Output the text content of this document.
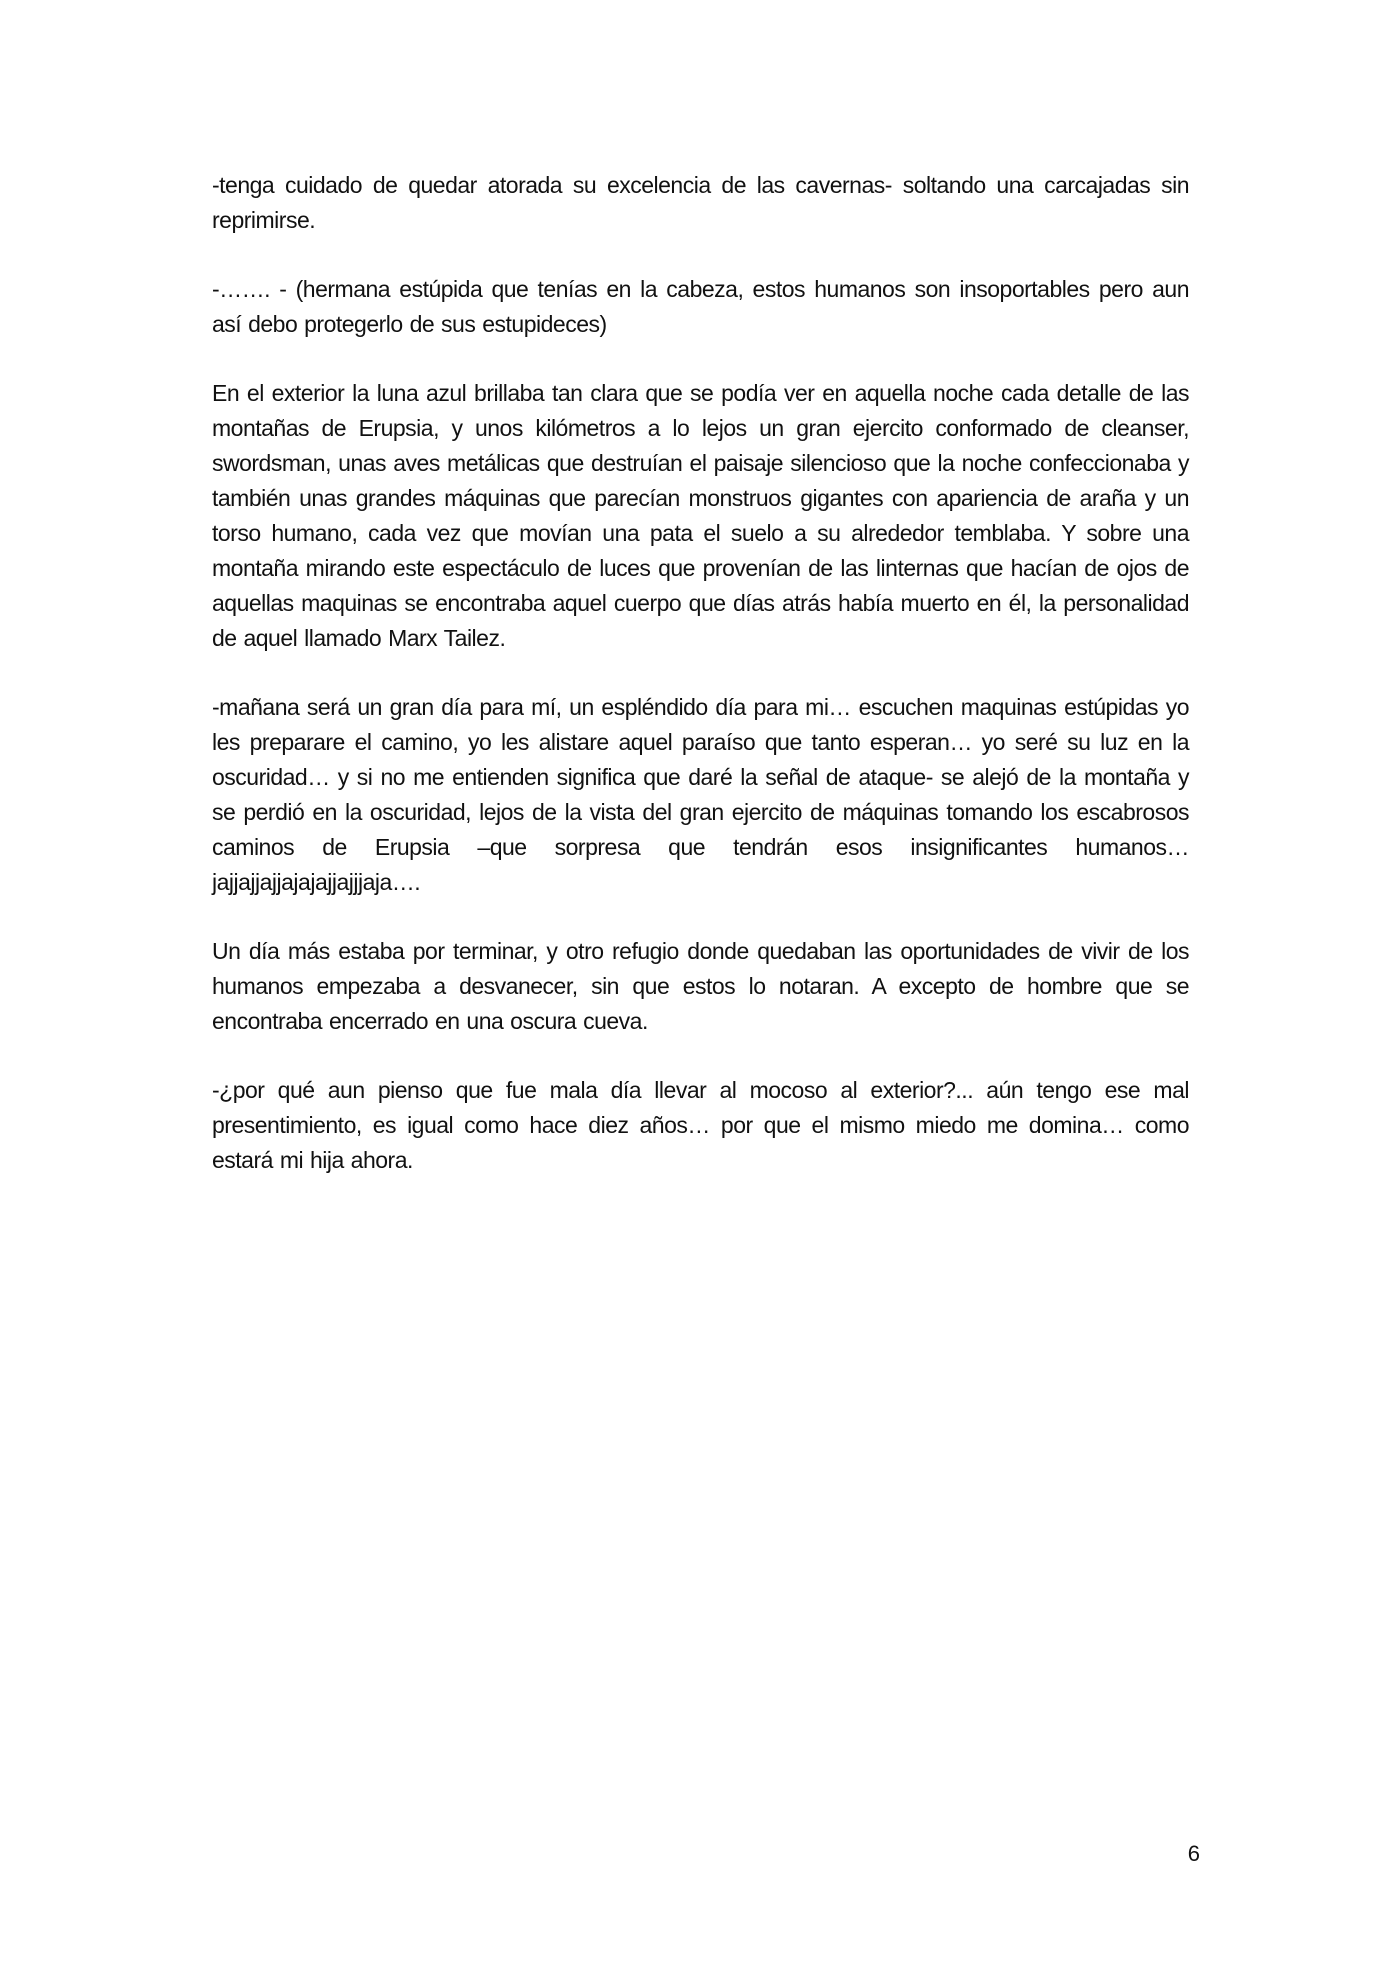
-tenga cuidado de quedar atorada su excelencia de las cavernas- soltando una carcajadas sin reprimirse.

-……. - (hermana estúpida que tenías en la cabeza, estos humanos son insoportables pero aun así debo protegerlo de sus estupideces)

En el exterior la luna azul brillaba tan clara que se podía ver en aquella noche cada detalle de las montañas de Erupsia, y unos kilómetros a lo lejos un gran ejercito conformado de cleanser, swordsman, unas aves metálicas que destruían el paisaje silencioso que la noche confeccionaba y también unas grandes máquinas que parecían monstruos gigantes con apariencia de araña y un torso humano, cada vez que movían una pata el suelo a su alrededor temblaba. Y sobre una montaña mirando este espectáculo de luces que provenían de las linternas que hacían de ojos de aquellas maquinas se encontraba aquel cuerpo que días atrás había muerto en él, la personalidad de aquel llamado Marx Tailez.

-mañana será un gran día para mí, un espléndido día para mi… escuchen maquinas estúpidas yo les preparare el camino, yo les alistare aquel paraíso que tanto esperan… yo seré su luz en la oscuridad… y si no me entienden significa que daré la señal de ataque- se alejó de la montaña y se perdió en la oscuridad, lejos de la vista del gran ejercito de máquinas tomando los escabrosos caminos de Erupsia –que sorpresa que tendrán esos insignificantes humanos… jajjajjajjajajajjajjjaja….

Un día más estaba por terminar, y otro refugio donde quedaban las oportunidades de vivir de los humanos empezaba a desvanecer, sin que estos lo notaran. A excepto de hombre que se encontraba encerrado en una oscura cueva.

-¿por qué aun pienso que fue mala día llevar al mocoso al exterior?... aún tengo ese mal presentimiento, es igual como hace diez años… por que el mismo miedo me domina… como estará mi hija ahora.

6
